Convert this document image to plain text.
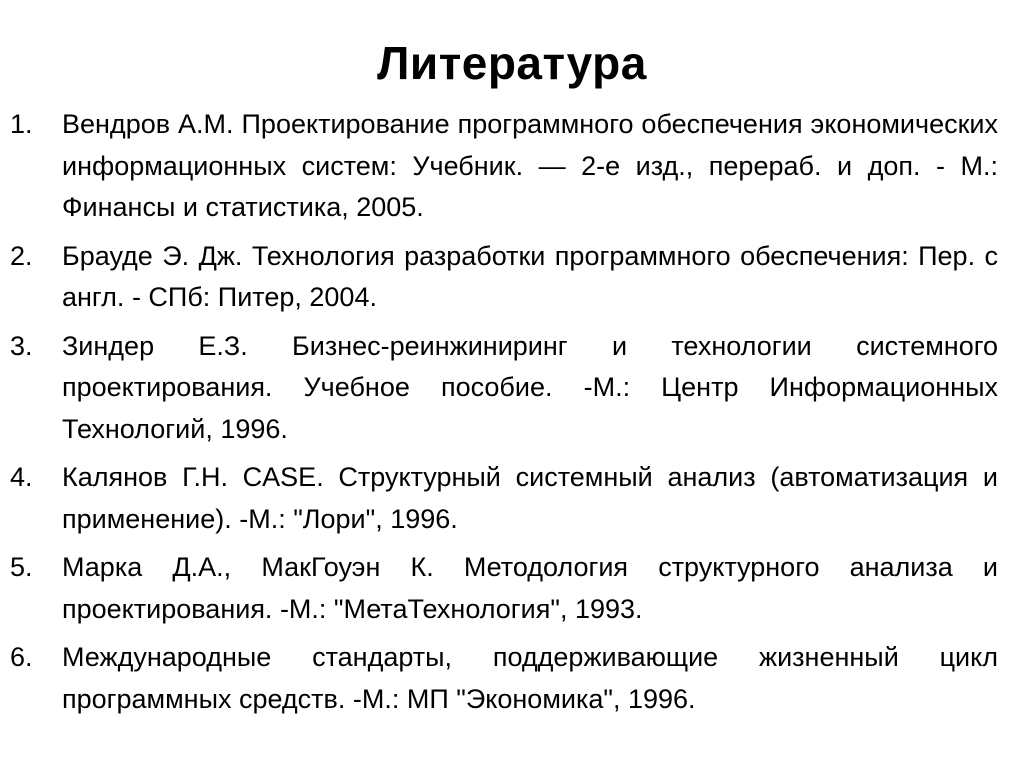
Литература
1.	Вендров А.М. Проектирование программного обеспечения экономических информационных систем: Учебник. — 2-е изд., перераб. и доп. - М.: Финансы и статистика, 2005.
2.	Брауде Э. Дж. Технология разработки программного обеспечения: Пер. с англ. - СПб: Питер, 2004.
3.	Зиндер Е.З. Бизнес-реинжиниринг и технологии системного проектирования. Учебное пособие. -М.: Центр Информационных Технологий, 1996.
4.	Калянов Г.Н. CASE. Структурный системный анализ (автоматизация и применение). -М.: "Лори", 1996.
5.	Марка Д.А., МакГоуэн К. Методология структурного анализа и проектирования. -М.: "МетаТехнология", 1993.
6.	Международные стандарты, поддерживающие жизненный цикл программных средств. -М.: МП "Экономика", 1996.
